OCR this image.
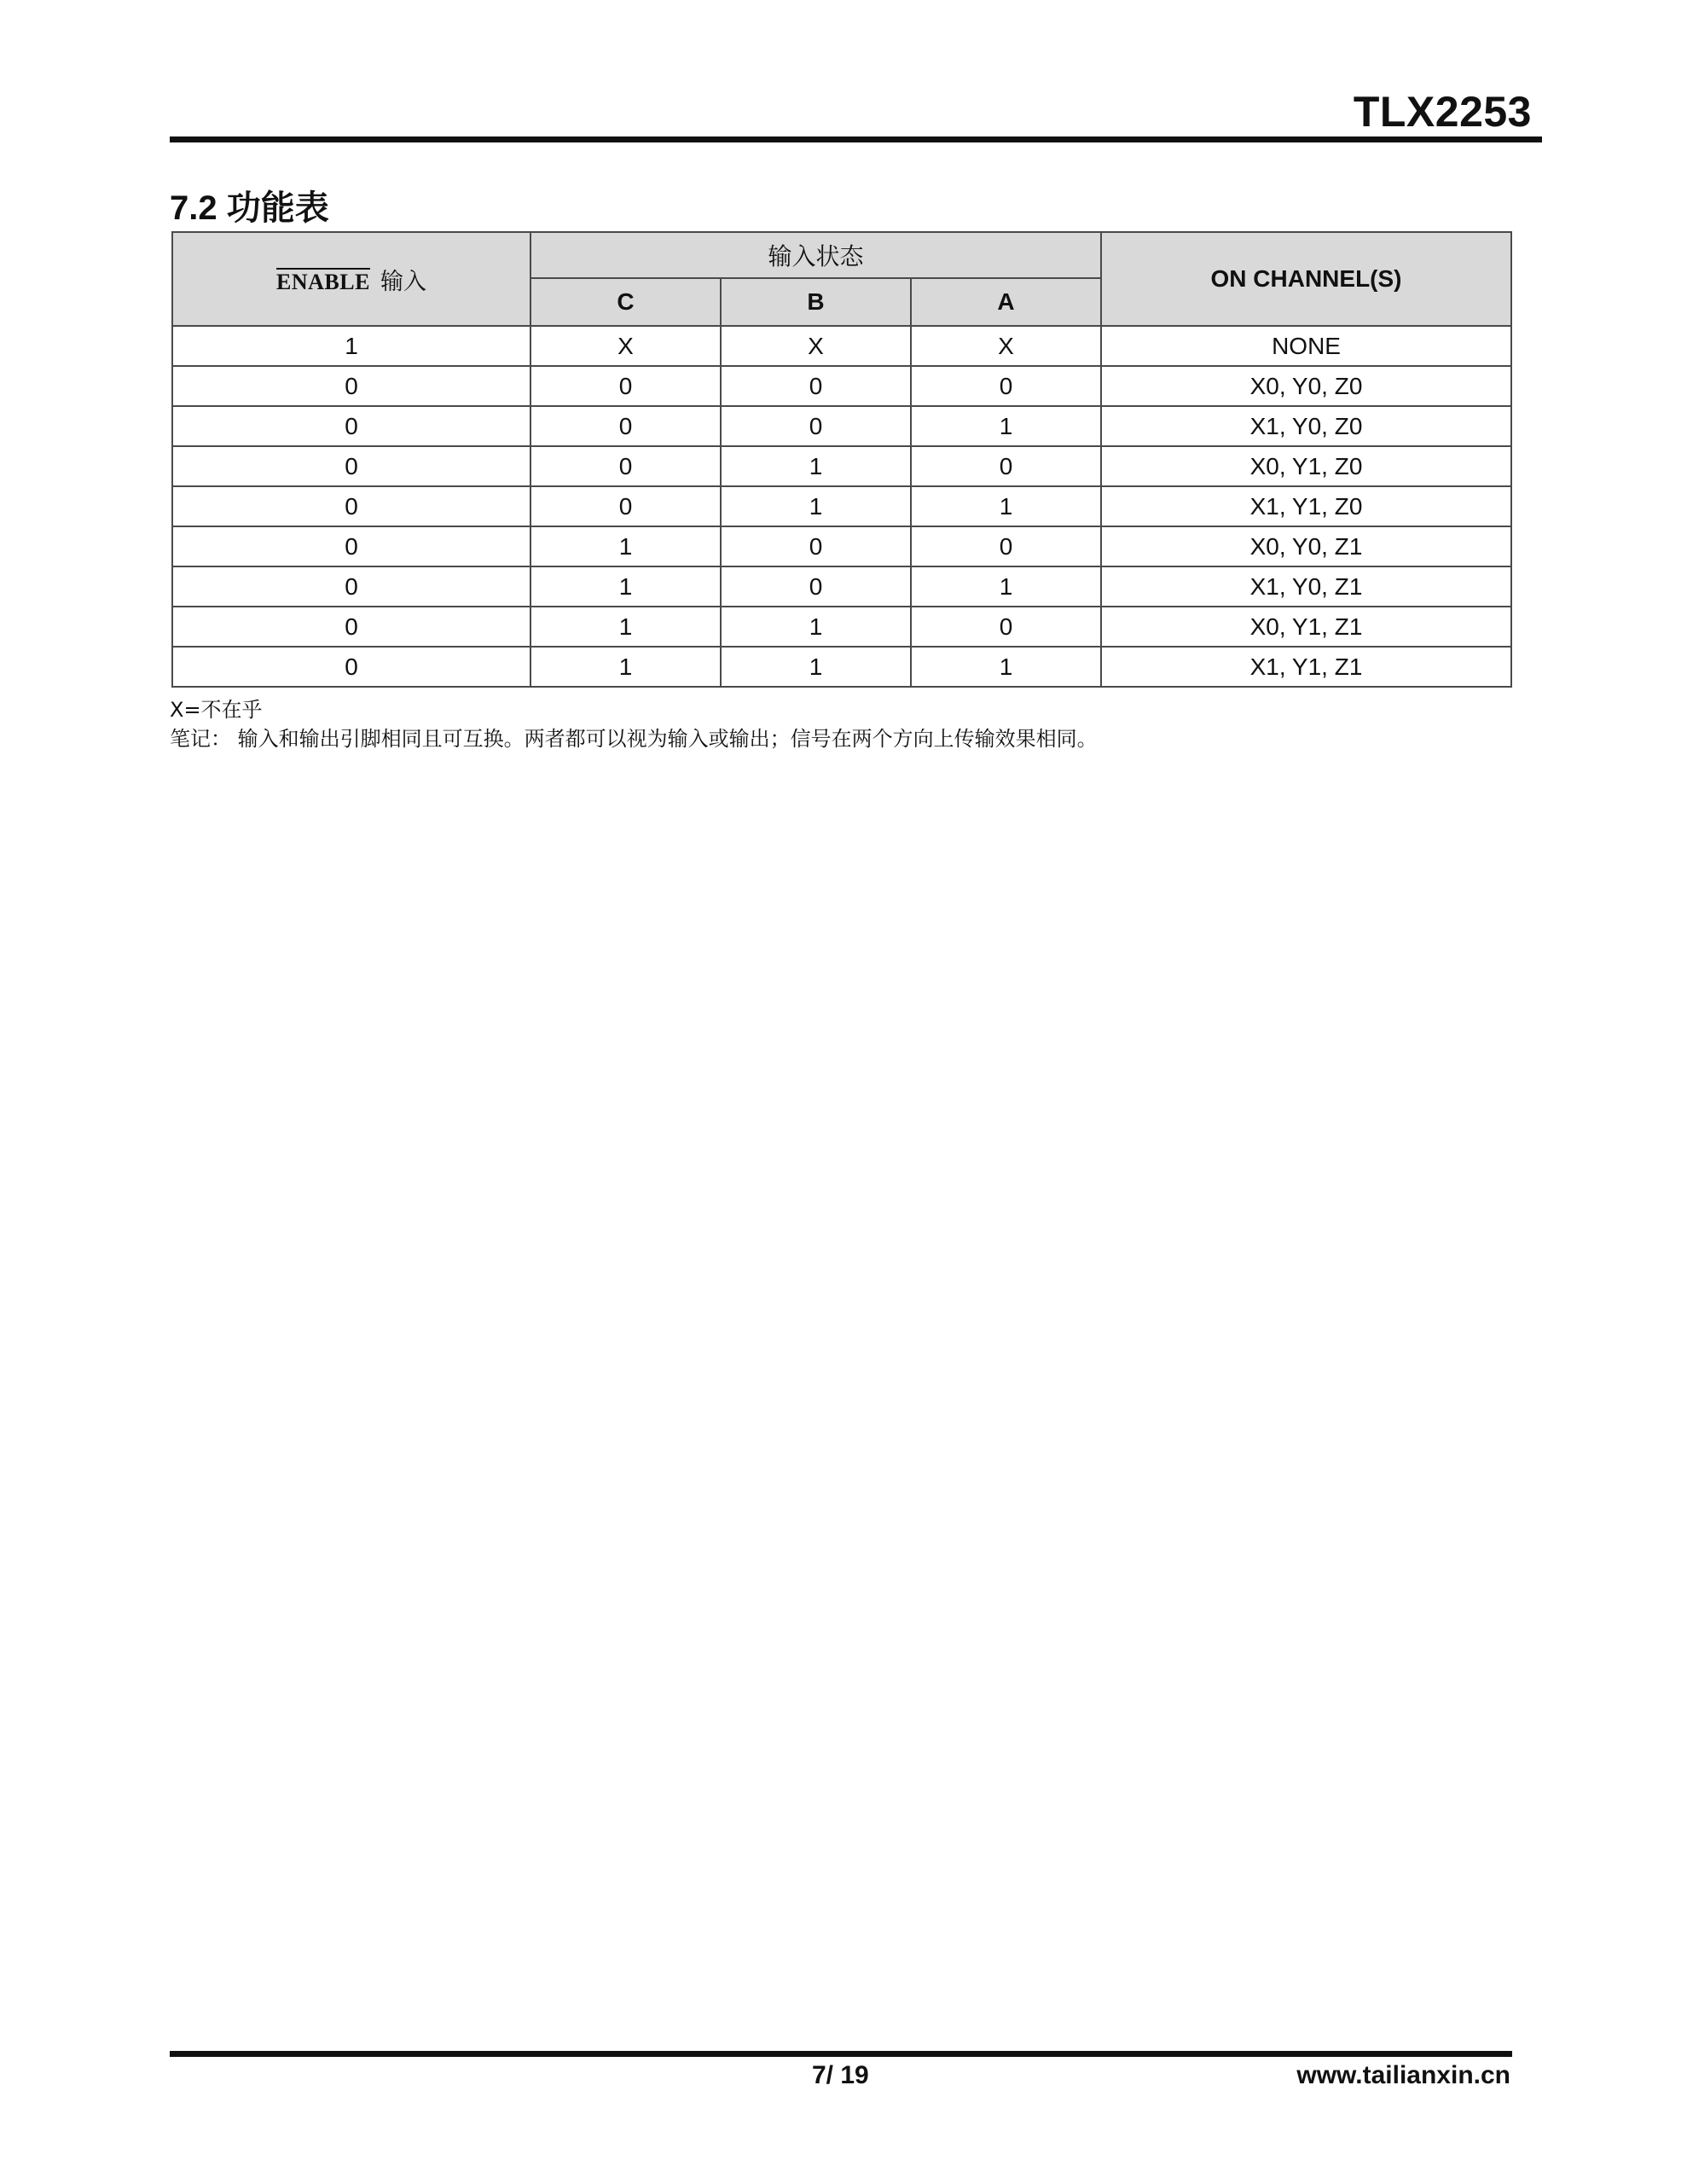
TLX2253
7.2 功能表
ENABLE 输入	输入状态			ON CHANNEL(S)
	C	B	A	
1	X	X	X	NONE
0	0	0	0	X0, Y0, Z0
0	0	0	1	X1, Y0, Z0
0	0	1	0	X0, Y1, Z0
0	0	1	1	X1, Y1, Z0
0	1	0	0	X0, Y0, Z1
0	1	0	1	X1, Y0, Z1
0	1	1	0	X0, Y1, Z1
0	1	1	1	X1, Y1, Z1
X=不在乎
笔记： 输入和输出引脚相同且可互换。两者都可以视为输入或输出；信号在两个方向上传输效果相同。
7/ 19	www.tailianxin.cn
